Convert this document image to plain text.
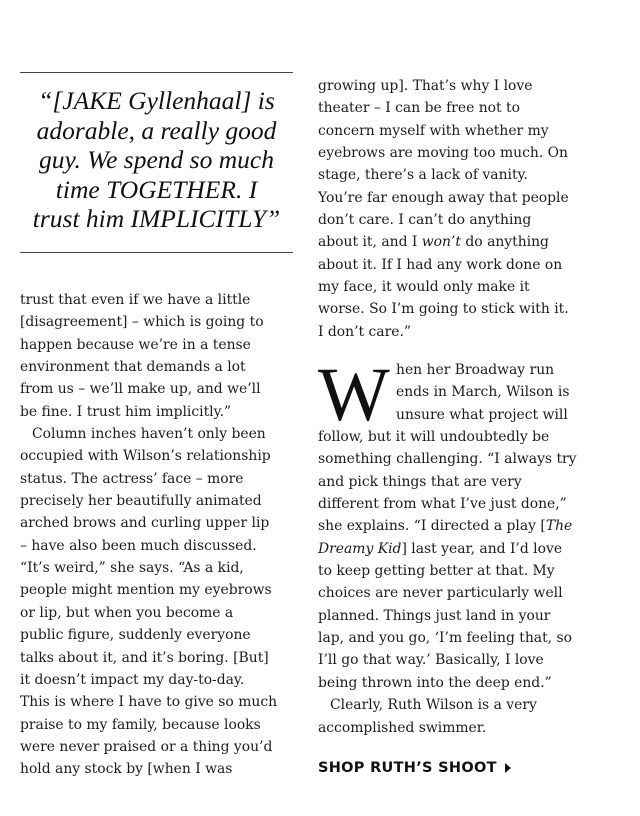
“[JAKE Gyllenhaal] is
adorable, a really good
guy. We spend so much
time TOGETHER. I
trust him IMPLICITLY”
trust that even if we have a little
[disagreement] – which is going to
happen because we’re in a tense
environment that demands a lot
from us – we’ll make up, and we’ll
be fine. I trust him implicitly.”
Column inches haven’t only been
occupied with Wilson’s relationship
status. The actress’ face – more
precisely her beautifully animated
arched brows and curling upper lip
– have also been much discussed.
“It’s weird,” she says. “As a kid,
people might mention my eyebrows
or lip, but when you become a
public figure, suddenly everyone
talks about it, and it’s boring. [But]
it doesn’t impact my day-to-day.
This is where I have to give so much
praise to my family, because looks
were never praised or a thing you’d
hold any stock by [when I was
growing up]. That’s why I love
theater – I can be free not to
concern myself with whether my
eyebrows are moving too much. On
stage, there’s a lack of vanity.
You’re far enough away that people
don’t care. I can’t do anything
about it, and I won’t do anything
about it. If I had any work done on
my face, it would only make it
worse. So I’m going to stick with it.
I don’t care.”
W hen her Broadway run
ends in March, Wilson is
unsure what project will
follow, but it will undoubtedly be
something challenging. “I always try
and pick things that are very
different from what I’ve just done,”
she explains. “I directed a play [The
Dreamy Kid] last year, and I’d love
to keep getting better at that. My
choices are never particularly well
planned. Things just land in your
lap, and you go, ‘I’m feeling that, so
I’ll go that way.’ Basically, I love
being thrown into the deep end.”
Clearly, Ruth Wilson is a very
accomplished swimmer.
SHOP RUTH’S SHOOT
